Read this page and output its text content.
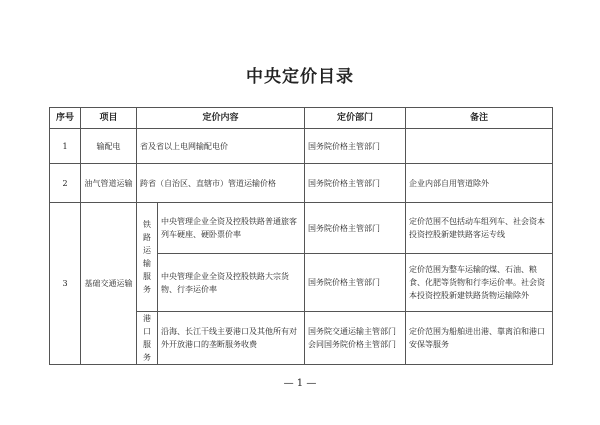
中央定价目录
序号	项目	定价内容		定价部门	备注
1	输配电	省及省以上电网输配电价		国务院价格主管部门	
2	油气管道运输	跨省（自治区、直辖市）管道运输价格		国务院价格主管部门	企业内部自用管道除外
3	基础交通运输	铁路运输服务	中央管理企业全资及控股铁路普通旅客列车硬座、硬卧票价率	国务院价格主管部门	定价范围不包括动车组列车、社会资本投资控股新建铁路客运专线
			中央管理企业全资及控股铁路大宗货物、行李运价率	国务院价格主管部门	定价范围为整车运输的煤、石油、粮食、化肥等货物和行李运价率。社会资本投资控股新建铁路货物运输除外
		港口服务	沿海、长江干线主要港口及其他所有对外开放港口的垄断服务收费	国务院交通运输主管部门会同国务院价格主管部门	定价范围为船舶进出港、靠离泊和港口安保等服务
— 1 —
